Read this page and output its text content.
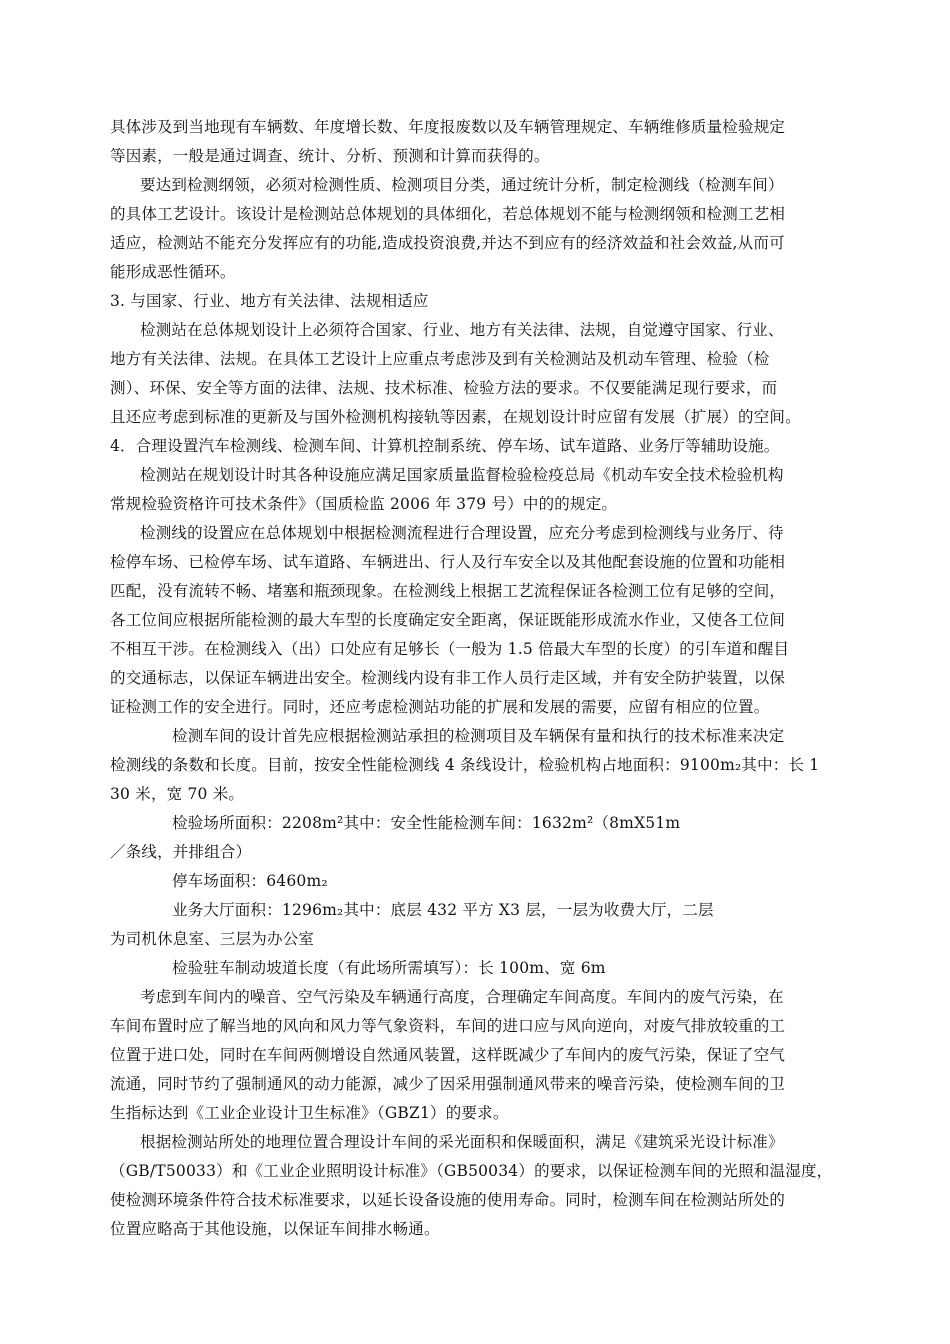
具体涉及到当地现有车辆数、年度增长数、年度报废数以及车辆管理规定、车辆维修质量检验规定
等因素，一般是通过调查、统计、分析、预测和计算而获得的。
要达到检测纲领，必须对检测性质、检测项目分类，通过统计分析，制定检测线（检测车间）
的具体工艺设计。该设计是检测站总体规划的具体细化，若总体规划不能与检测纲领和检测工艺相
适应，检测站不能充分发挥应有的功能,造成投资浪费,并达不到应有的经济效益和社会效益,从而可
能形成恶性循环。
3. 与国家、行业、地方有关法律、法规相适应
检测站在总体规划设计上必须符合国家、行业、地方有关法律、法规，自觉遵守国家、行业、
地方有关法律、法规。在具体工艺设计上应重点考虑涉及到有关检测站及机动车管理、检验（检
测）、环保、安全等方面的法律、法规、技术标准、检验方法的要求。不仅要能满足现行要求，而
且还应考虑到标准的更新及与国外检测机构接轨等因素，在规划设计时应留有发展（扩展）的空间。
4．合理设置汽车检测线、检测车间、计算机控制系统、停车场、试车道路、业务厅等辅助设施。
检测站在规划设计时其各种设施应满足国家质量监督检验检疫总局《机动车安全技术检验机构
常规检验资格许可技术条件》（国质检监 2006 年 379 号）中的的规定。
检测线的设置应在总体规划中根据检测流程进行合理设置，应充分考虑到检测线与业务厅、待
检停车场、已检停车场、试车道路、车辆进出、行人及行车安全以及其他配套设施的位置和功能相
匹配，没有流转不畅、堵塞和瓶颈现象。在检测线上根据工艺流程保证各检测工位有足够的空间，
各工位间应根据所能检测的最大车型的长度确定安全距离，保证既能形成流水作业，又使各工位间
不相互干涉。在检测线入（出）口处应有足够长（一般为 1.5 倍最大车型的长度）的引车道和醒目
的交通标志，以保证车辆进出安全。检测线内设有非工作人员行走区域，并有安全防护装置，以保
证检测工作的安全进行。同时，还应考虑检测站功能的扩展和发展的需要，应留有相应的位置。
检测车间的设计首先应根据检测站承担的检测项目及车辆保有量和执行的技术标准来决定
检测线的条数和长度。目前，按安全性能检测线 4 条线设计，检验机构占地面积：9100m₂其中：长 1
30 米，宽 70 米。
检验场所面积：2208m²其中：安全性能检测车间：1632m²（8mX51m
／条线，并排组合）
停车场面积：6460m₂
业务大厅面积：1296m₂其中：底层 432 平方 X3 层，一层为收费大厅，二层
为司机休息室、三层为办公室
检验驻车制动坡道长度（有此场所需填写）：长 100m、宽 6m
考虑到车间内的噪音、空气污染及车辆通行高度，合理确定车间高度。车间内的废气污染，在
车间布置时应了解当地的风向和风力等气象资料，车间的进口应与风向逆向，对废气排放较重的工
位置于进口处，同时在车间两侧增设自然通风装置，这样既减少了车间内的废气污染，保证了空气
流通，同时节约了强制通风的动力能源，减少了因采用强制通风带来的噪音污染，使检测车间的卫
生指标达到《工业企业设计卫生标准》（GBZ1）的要求。
根据检测站所处的地理位置合理设计车间的采光面积和保暖面积，满足《建筑采光设计标准》
（GB/T50033）和《工业企业照明设计标准》（GB50034）的要求，以保证检测车间的光照和温湿度，
使检测环境条件符合技术标准要求，以延长设备设施的使用寿命。同时，检测车间在检测站所处的
位置应略高于其他设施，以保证车间排水畅通。
